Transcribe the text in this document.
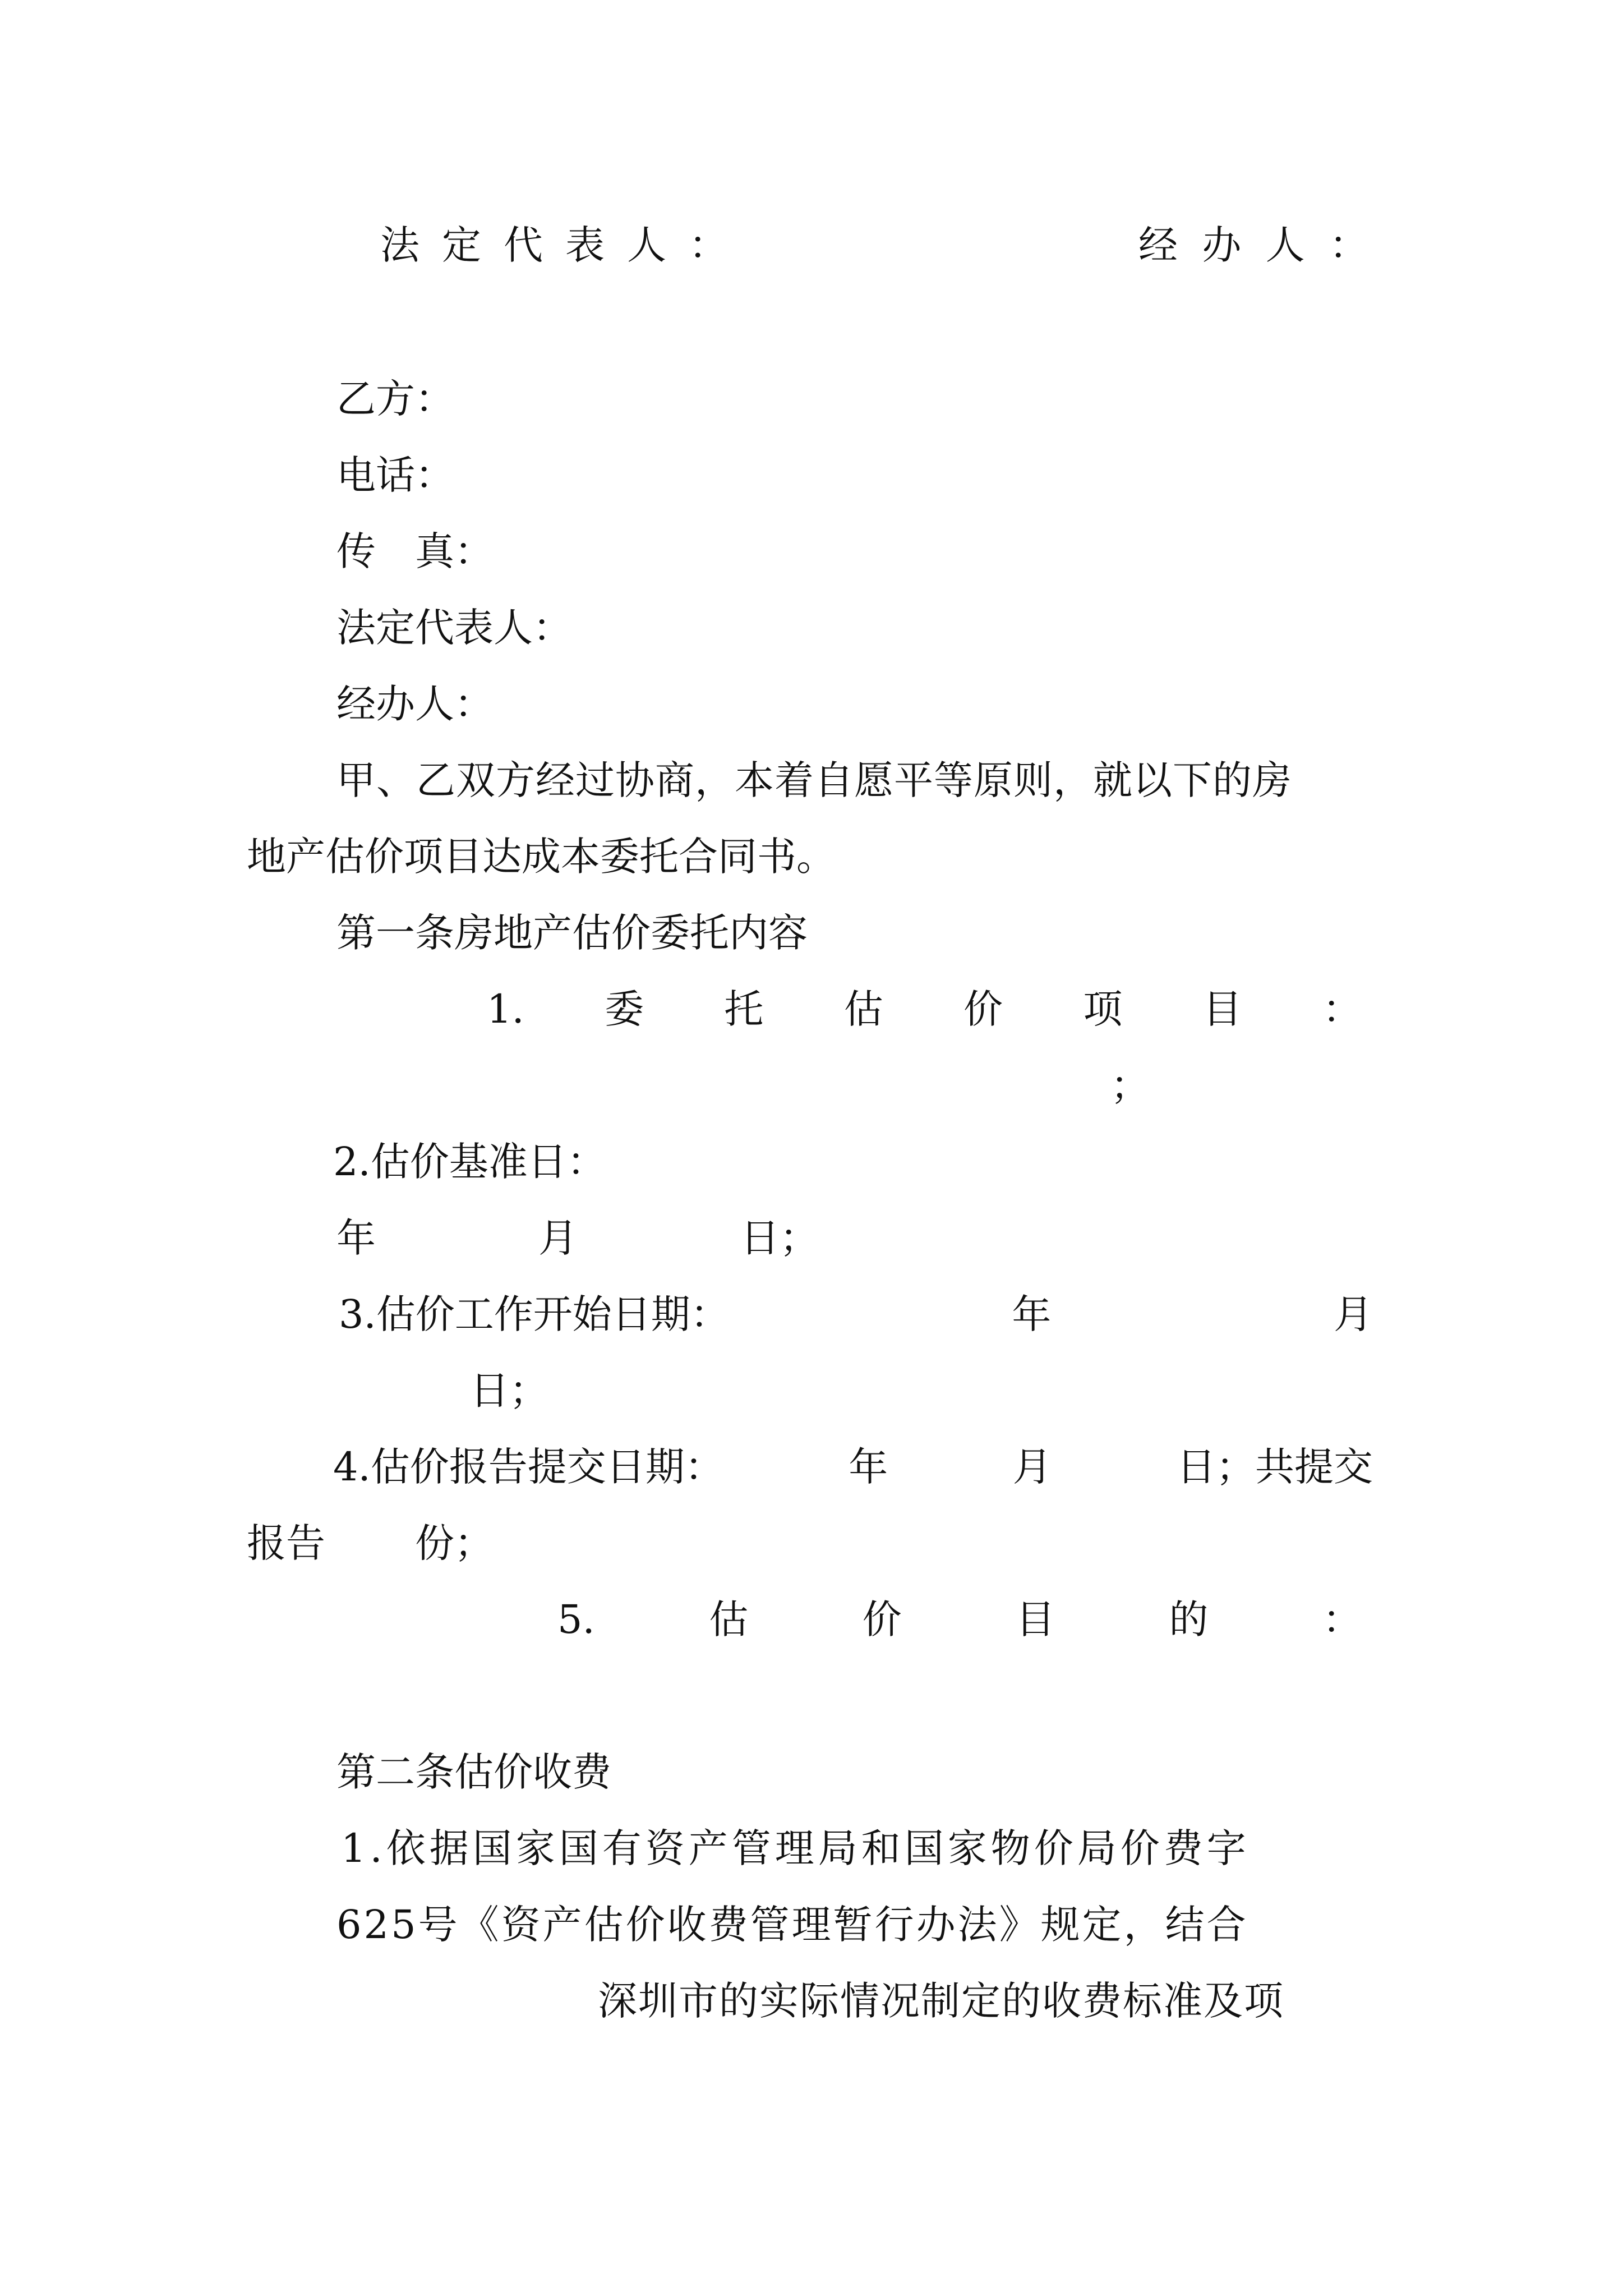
法 定 代 表 人 ：	经 办 人 ：

乙方：

电话：

传　真：

法定代表人：

经办人：

甲、乙双方经过协商，本着自愿平等原则，就以下的房

地产估价项目达成本委托合同书。

第一条房地产估价委托内容

1. 委 托 估 价 项 目 ：

；

2.估价基准日：

年	月	日；
3.估价工作开始日期：	年	月

日；

4.估价报告提交日期：	年	月	日；共提交
报告 份；
5.	估	价	目	的	：

第二条估价收费

1.依据国家国有资产管理局和国家物价局价费字
625号《资产估价收费管理暂行办法》规定，结合

深圳市的实际情况制定的收费标准及项
